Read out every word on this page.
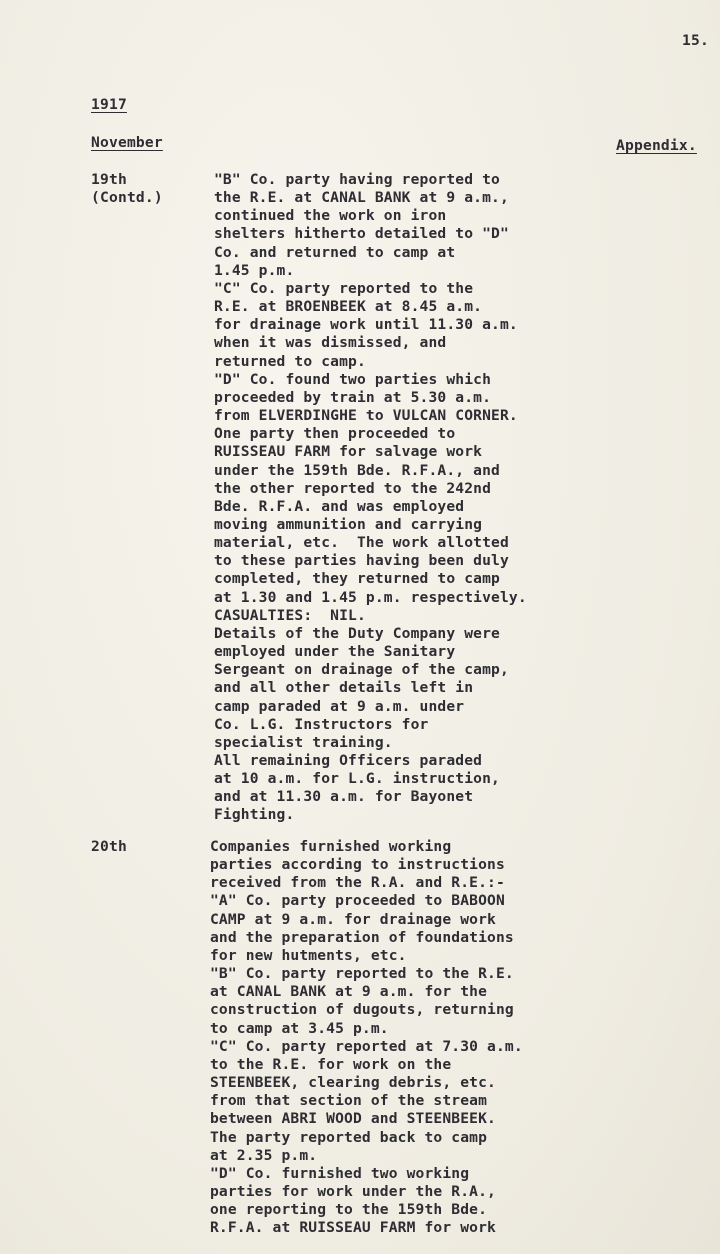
15.

1917

November	Appendix.

19th

(Contd.)

"B" Co. party having reported to
the R.E. at CANAL BANK at 9 a.m.,
continued the work on iron
shelters hitherto detailed to "D"
Co. and returned to camp at
1.45 p.m.
"C" Co. party reported to the
R.E. at BROENBEEK at 8.45 a.m.
for drainage work until 11.30 a.m.
when it was dismissed, and
returned to camp.
"D" Co. found two parties which
proceeded by train at 5.30 a.m.
from ELVERDINGHE to VULCAN CORNER.
One party then proceeded to
RUISSEAU FARM for salvage work
under the 159th Bde. R.F.A., and
the other reported to the 242nd
Bde. R.F.A. and was employed
moving ammunition and carrying
material, etc.  The work allotted
to these parties having been duly
completed, they returned to camp
at 1.30 and 1.45 p.m. respectively.
CASUALTIES:  NIL.
Details of the Duty Company were
employed under the Sanitary
Sergeant on drainage of the camp,
and all other details left in
camp paraded at 9 a.m. under
Co. L.G. Instructors for
specialist training.
All remaining Officers paraded
at 10 a.m. for L.G. instruction,
and at 11.30 a.m. for Bayonet
Fighting.

20th	Companies furnished working
parties according to instructions
received from the R.A. and R.E.:-
"A" Co. party proceeded to BABOON
CAMP at 9 a.m. for drainage work
and the preparation of foundations
for new hutments, etc.
"B" Co. party reported to the R.E.
at CANAL BANK at 9 a.m. for the
construction of dugouts, returning
to camp at 3.45 p.m.
"C" Co. party reported at 7.30 a.m.
to the R.E. for work on the
STEENBEEK, clearing debris, etc.
from that section of the stream
between ABRI WOOD and STEENBEEK.
The party reported back to camp
at 2.35 p.m.
"D" Co. furnished two working
parties for work under the R.A.,
one reporting to the 159th Bde.
R.F.A. at RUISSEAU FARM for work
